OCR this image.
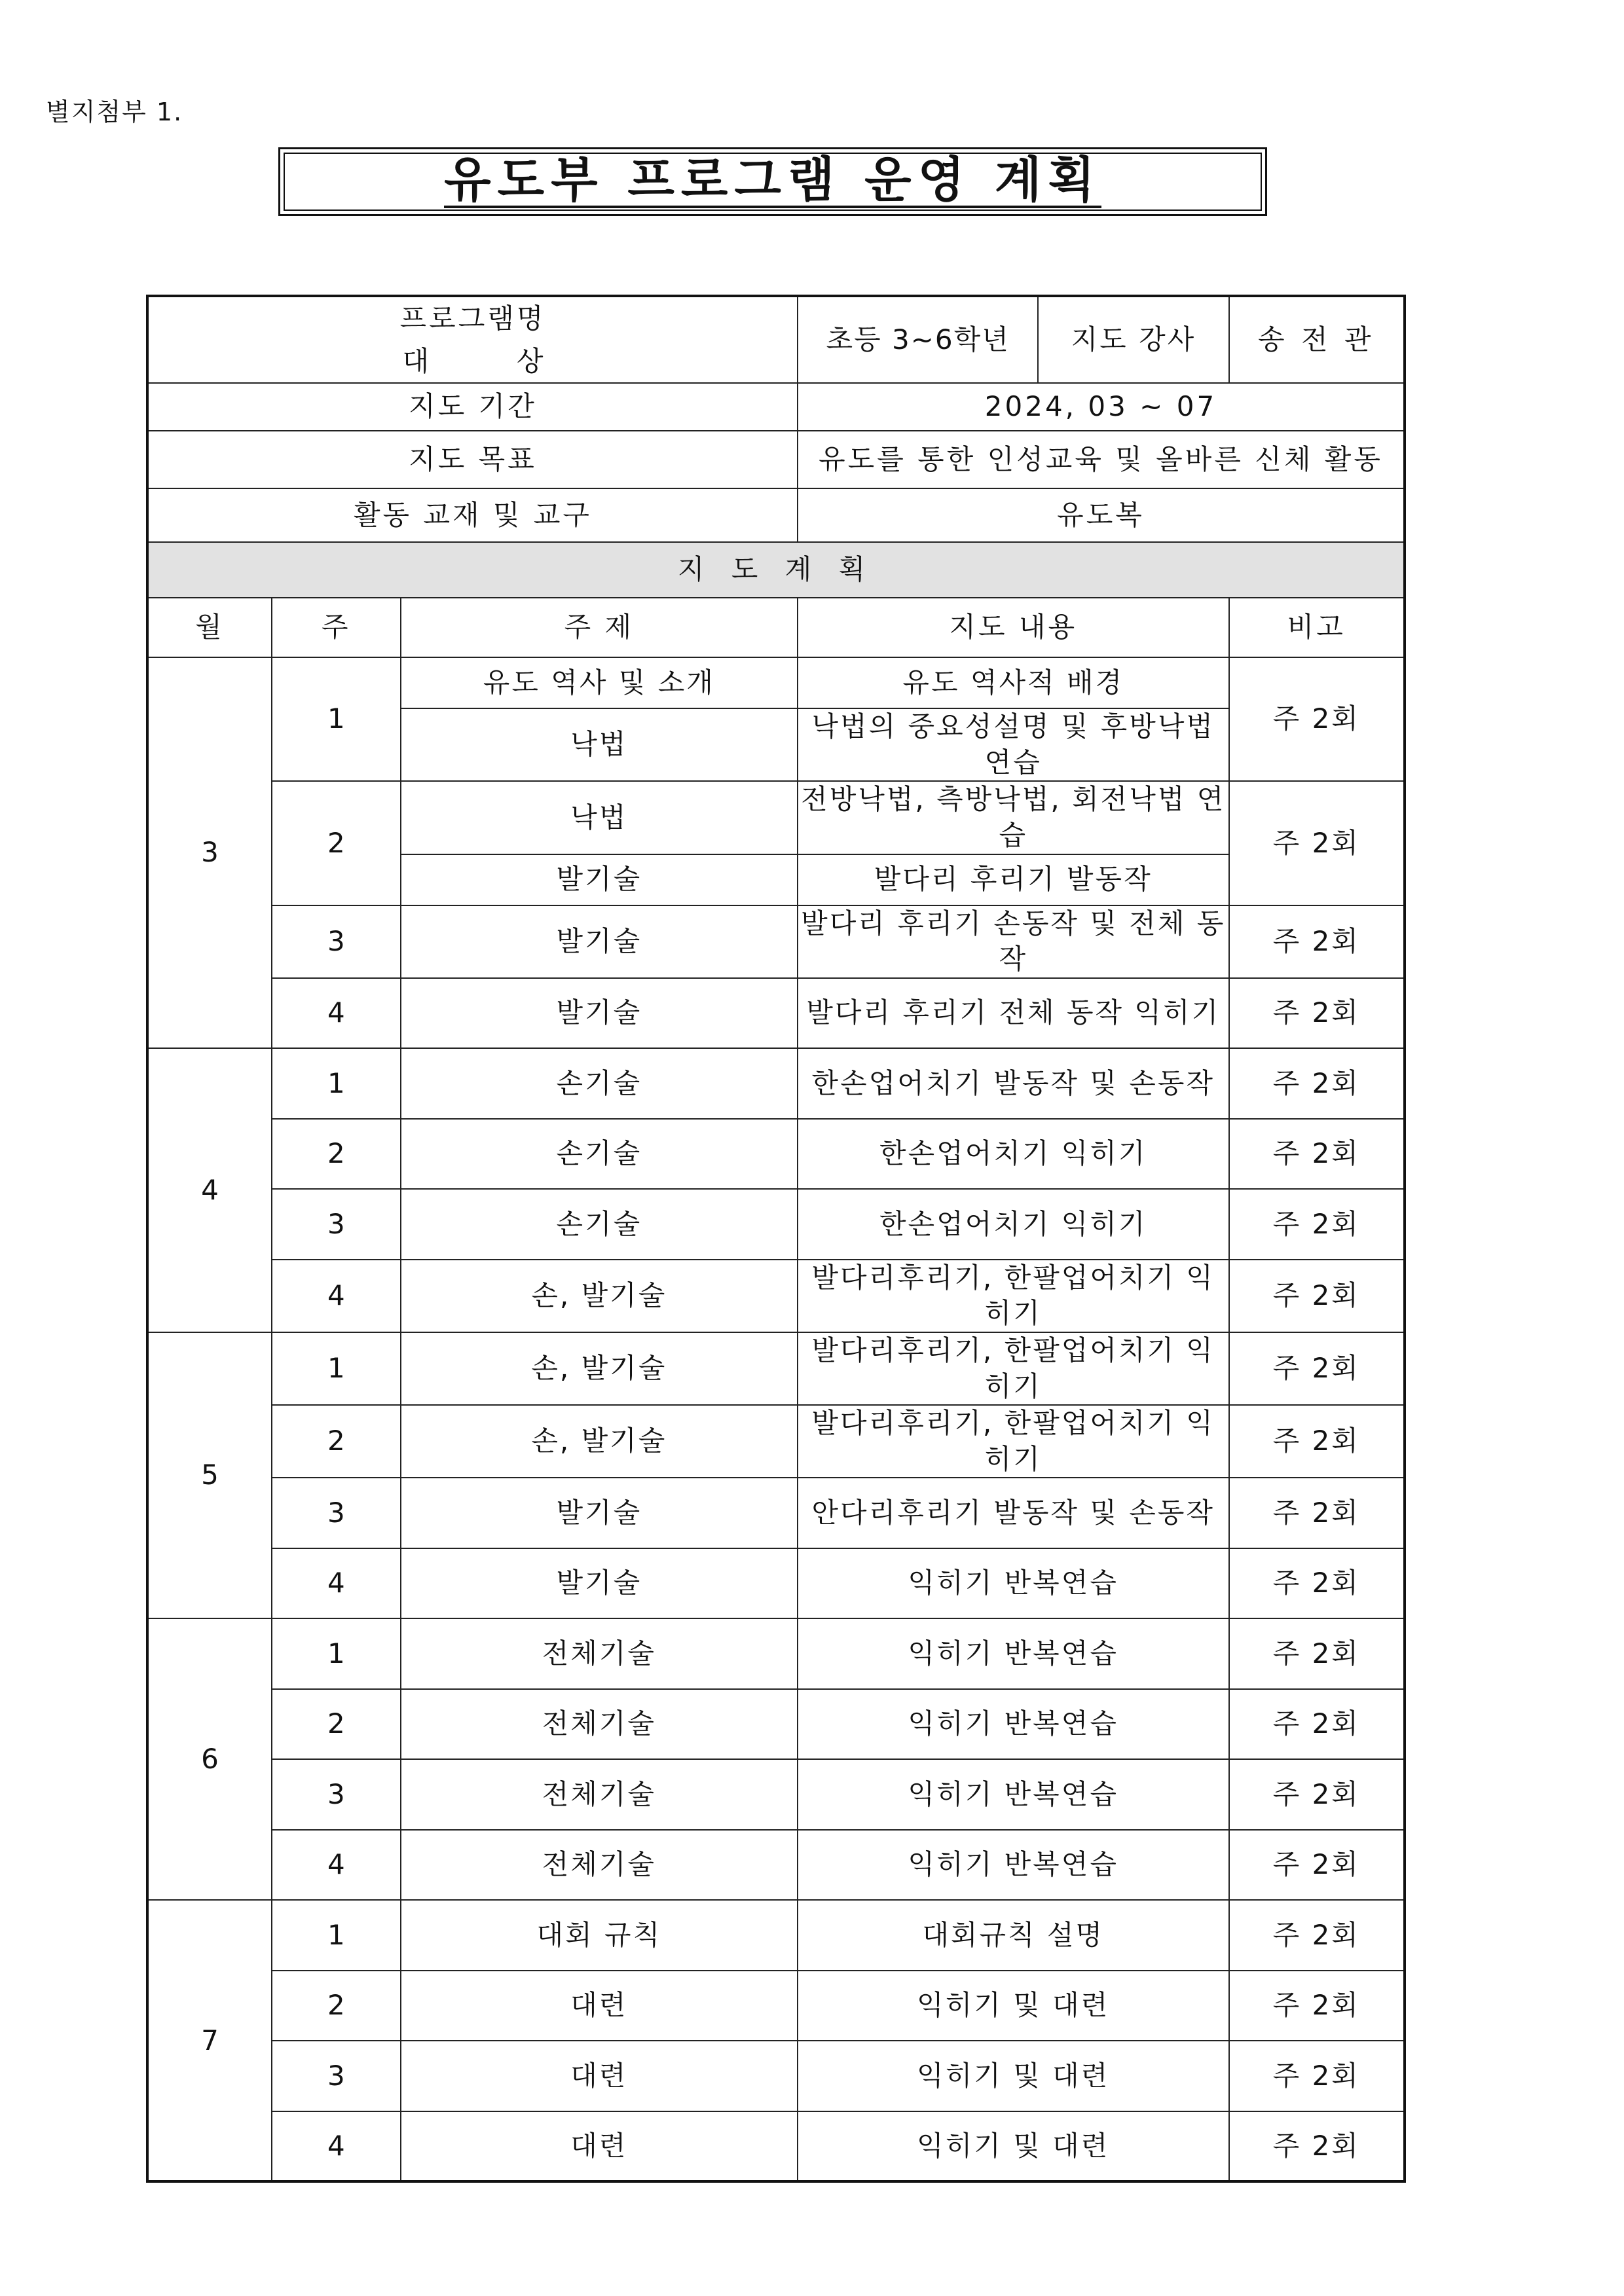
별지첨부 1.
유도부 프로그램 운영 계획
프로그램명
대 상			초등 3~6학년	지도 강사	송 전 관
지도 기간			2024, 03 ~ 07		
지도 목표			유도를 통한 인성교육 및 올바른 신체 활동		
활동 교재 및 교구			유도복		
지 도 계 획					
월	주	주 제	지도 내용		비고
3	1	유도 역사 및 소개	유도 역사적 배경		주 2회
		낙법	낙법의 중요성설명 및 후방낙법 연습		
	2	낙법	전방낙법, 측방낙법, 회전낙법 연습		주 2회
		발기술	발다리 후리기 발동작		
	3	발기술	발다리 후리기 손동작 및 전체 동작		주 2회
	4	발기술	발다리 후리기 전체 동작 익히기		주 2회
4	1	손기술	한손업어치기 발동작 및 손동작		주 2회
	2	손기술	한손업어치기 익히기		주 2회
	3	손기술	한손업어치기 익히기		주 2회
	4	손, 발기술	발다리후리기, 한팔업어치기 익히기		주 2회
5	1	손, 발기술	발다리후리기, 한팔업어치기 익히기		주 2회
	2	손, 발기술	발다리후리기, 한팔업어치기 익히기		주 2회
	3	발기술	안다리후리기 발동작 및 손동작		주 2회
	4	발기술	익히기 반복연습		주 2회
6	1	전체기술	익히기 반복연습		주 2회
	2	전체기술	익히기 반복연습		주 2회
	3	전체기술	익히기 반복연습		주 2회
	4	전체기술	익히기 반복연습		주 2회
7	1	대회 규칙	대회규칙 설명		주 2회
	2	대련	익히기 및 대련		주 2회
	3	대련	익히기 및 대련		주 2회
	4	대련	익히기 및 대련		주 2회
